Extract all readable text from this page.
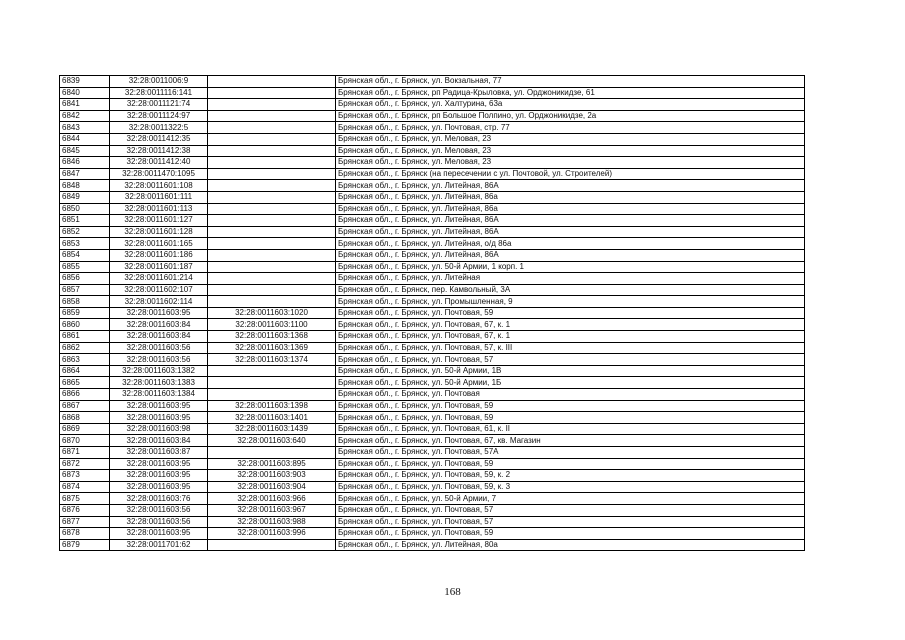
6839	32:28:0011006:9		Брянская обл., г. Брянск, ул. Вокзальная, 77
6840	32:28:0011116:141		Брянская обл., г. Брянск, рп Радица-Крыловка, ул. Орджоникидзе, 61
6841	32:28:0011121:74		Брянская обл., г. Брянск, ул. Халтурина, 63а
6842	32:28:0011124:97		Брянская обл., г. Брянск, рп Большое Полпино, ул. Орджоникидзе, 2а
6843	32:28:0011322:5		Брянская обл., г. Брянск, ул. Почтовая, стр. 77
6844	32:28:0011412:35		Брянская обл., г. Брянск, ул. Меловая, 23
6845	32:28:0011412:38		Брянская обл., г. Брянск, ул. Меловая, 23
6846	32:28:0011412:40		Брянская обл., г. Брянск, ул. Меловая, 23
6847	32:28:0011470:1095		Брянская обл., г. Брянск (на пересечении с ул. Почтовой, ул. Строителей)
6848	32:28:0011601:108		Брянская обл., г. Брянск, ул. Литейная, 86А
6849	32:28:0011601:111		Брянская обл., г. Брянск, ул. Литейная, 86а
6850	32:28:0011601:113		Брянская обл., г. Брянск, ул. Литейная, 86а
6851	32:28:0011601:127		Брянская обл., г. Брянск, ул. Литейная, 86А
6852	32:28:0011601:128		Брянская обл., г. Брянск, ул. Литейная, 86А
6853	32:28:0011601:165		Брянская обл., г. Брянск, ул. Литейная, о/д 86а
6854	32:28:0011601:186		Брянская обл., г. Брянск, ул. Литейная, 86А
6855	32:28:0011601:187		Брянская обл., г. Брянск, ул. 50-й Армии, 1 корп. 1
6856	32:28:0011601:214		Брянская обл., г. Брянск, ул. Литейная
6857	32:28:0011602:107		Брянская обл., г. Брянск, пер. Камвольный, 3А
6858	32:28:0011602:114		Брянская обл., г. Брянск, ул. Промышленная, 9
6859	32:28:0011603:95	32:28:0011603:1020	Брянская обл., г. Брянск, ул. Почтовая, 59
6860	32:28:0011603:84	32:28:0011603:1100	Брянская обл., г. Брянск, ул. Почтовая, 67, к. 1
6861	32:28:0011603:84	32:28:0011603:1368	Брянская обл., г. Брянск, ул. Почтовая, 67, к. 1
6862	32:28:0011603:56	32:28:0011603:1369	Брянская обл., г. Брянск, ул. Почтовая, 57, к. III
6863	32:28:0011603:56	32:28:0011603:1374	Брянская обл., г. Брянск, ул. Почтовая, 57
6864	32:28:0011603:1382		Брянская обл., г. Брянск, ул. 50-й Армии, 1В
6865	32:28:0011603:1383		Брянская обл., г. Брянск, ул. 50-й Армии, 1Б
6866	32:28:0011603:1384		Брянская обл., г. Брянск, ул. Почтовая
6867	32:28:0011603:95	32:28:0011603:1398	Брянская обл., г. Брянск, ул. Почтовая, 59
6868	32:28:0011603:95	32:28:0011603:1401	Брянская обл., г. Брянск, ул. Почтовая, 59
6869	32:28:0011603:98	32:28:0011603:1439	Брянская обл., г. Брянск, ул. Почтовая, 61, к. II
6870	32:28:0011603:84	32:28:0011603:640	Брянская обл., г. Брянск, ул. Почтовая, 67, кв. Магазин
6871	32:28:0011603:87		Брянская обл., г. Брянск, ул. Почтовая, 57А
6872	32:28:0011603:95	32:28:0011603:895	Брянская обл., г. Брянск, ул. Почтовая, 59
6873	32:28:0011603:95	32:28:0011603:903	Брянская обл., г. Брянск, ул. Почтовая, 59, к. 2
6874	32:28:0011603:95	32:28:0011603:904	Брянская обл., г. Брянск, ул. Почтовая, 59, к. 3
6875	32:28:0011603:76	32:28:0011603:966	Брянская обл., г. Брянск, ул. 50-й Армии, 7
6876	32:28:0011603:56	32:28:0011603:967	Брянская обл., г. Брянск, ул. Почтовая, 57
6877	32:28:0011603:56	32:28:0011603:988	Брянская обл., г. Брянск, ул. Почтовая, 57
6878	32:28:0011603:95	32:28:0011603:996	Брянская обл., г. Брянск, ул. Почтовая, 59
6879	32:28:0011701:62		Брянская обл., г. Брянск, ул. Литейная, 80а
168
